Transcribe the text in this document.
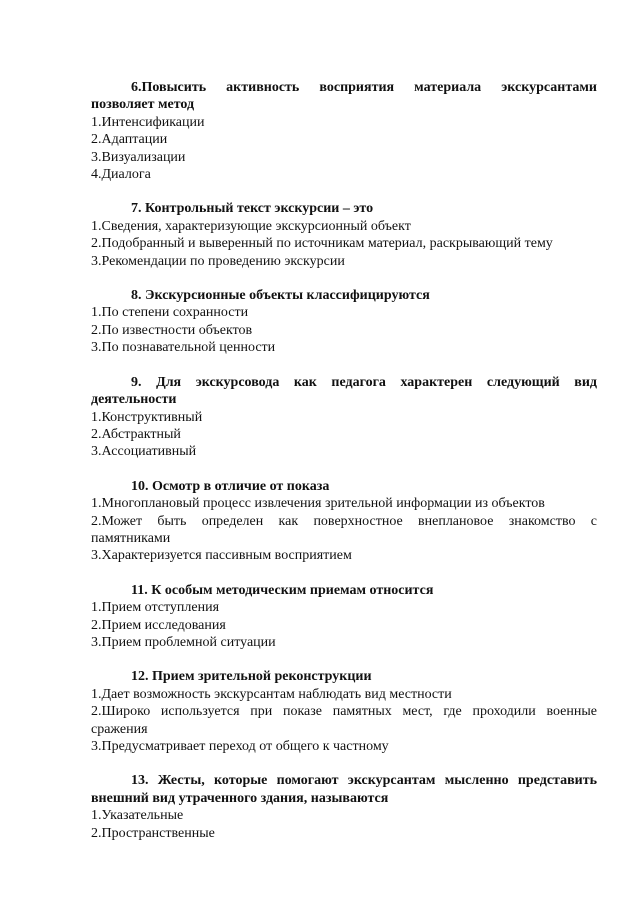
6.Повысить активность восприятия материала экскурсантами позволяет метод

1.Интенсификации

2.Адаптации

3.Визуализации

4.Диалога

7. Контрольный текст экскурсии – это

1.Сведения, характеризующие экскурсионный объект

2.Подобранный и выверенный по источникам материал, раскрывающий тему

3.Рекомендации по проведению экскурсии

8. Экскурсионные объекты классифицируются

1.По степени сохранности

2.По известности объектов

3.По познавательной ценности

9. Для экскурсовода как педагога характерен следующий вид деятельности

1.Конструктивный

2.Абстрактный

3.Ассоциативный

10. Осмотр в отличие от показа

1.Многоплановый процесс извлечения зрительной информации из объектов

2.Может быть определен как поверхностное внеплановое знакомство с памятниками

3.Характеризуется пассивным восприятием

11. К особым методическим приемам относится

1.Прием отступления

2.Прием исследования

3.Прием проблемной ситуации

12. Прием зрительной реконструкции

1.Дает возможность экскурсантам наблюдать вид местности

2.Широко используется при показе памятных мест, где проходили военные сражения

3.Предусматривает переход от общего к частному

13. Жесты, которые помогают экскурсантам мысленно представить внешний вид утраченного здания, называются

1.Указательные

2.Пространственные
